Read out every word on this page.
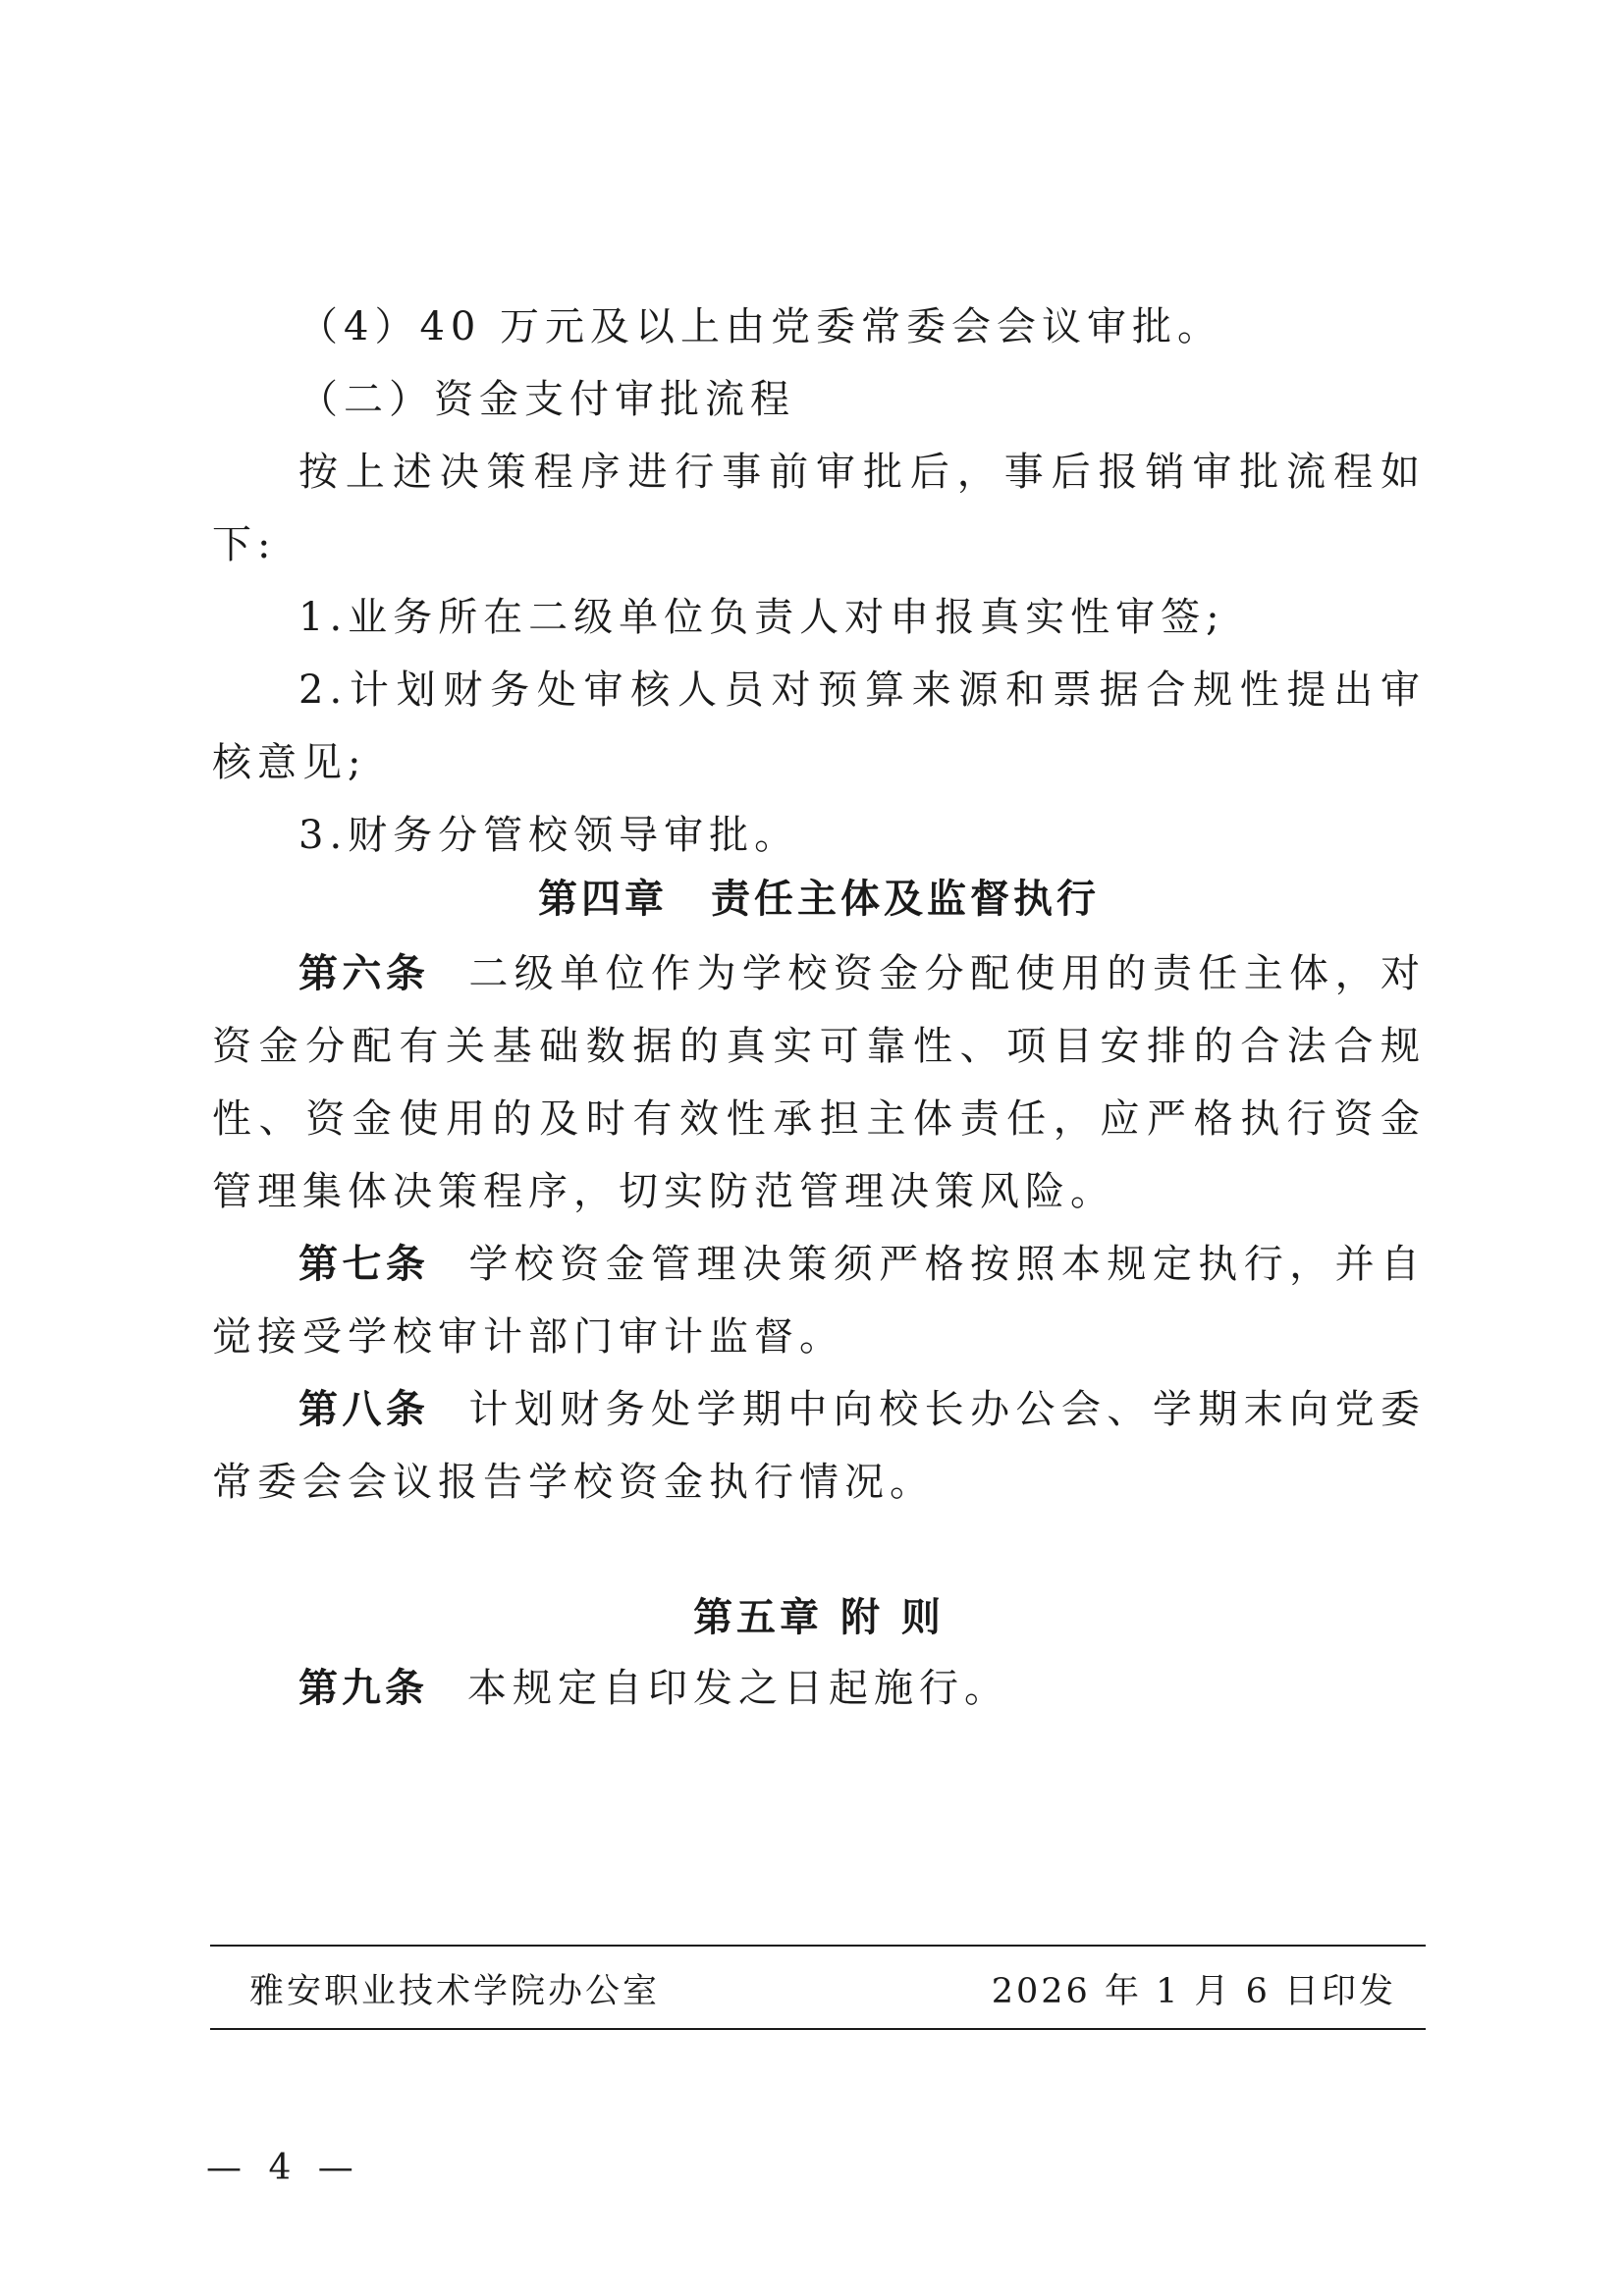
（4）40 万元及以上由党委常委会会议审批。

（二）资金支付审批流程

按上述决策程序进行事前审批后，事后报销审批流程如下:

1.业务所在二级单位负责人对申报真实性审签;

2.计划财务处审核人员对预算来源和票据合规性提出审核意见;

3.财务分管校领导审批。

第四章　责任主体及监督执行

第六条 二级单位作为学校资金分配使用的责任主体，对资金分配有关基础数据的真实可靠性、项目安排的合法合规性、资金使用的及时有效性承担主体责任，应严格执行资金管理集体决策程序，切实防范管理决策风险。

第七条 学校资金管理决策须严格按照本规定执行，并自觉接受学校审计部门审计监督。

第八条 计划财务处学期中向校长办公会、学期末向党委常委会会议报告学校资金执行情况。

第五章 附 则

第九条 本规定自印发之日起施行。

雅安职业技术学院办公室	2026 年 1 月 6 日印发
— 4 —
